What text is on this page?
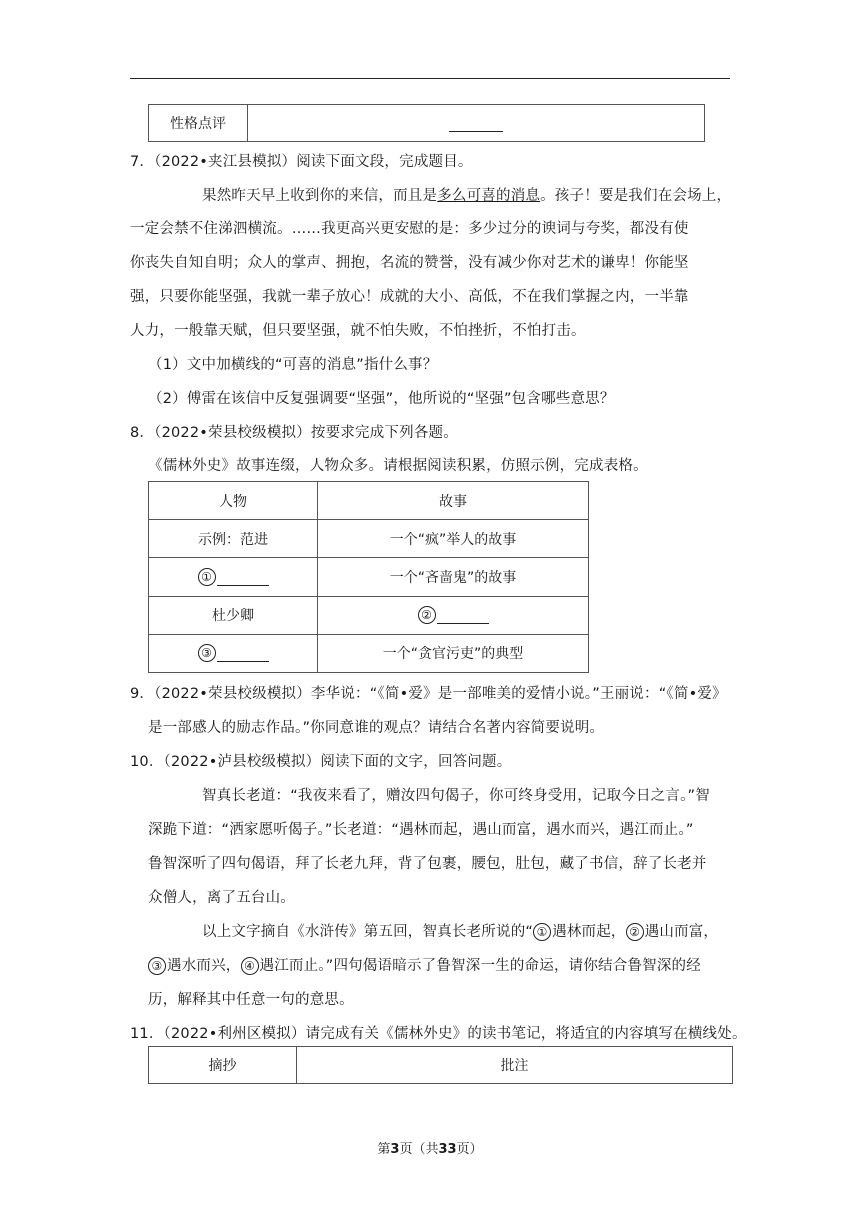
性格点评	
7．（2022•夹江县模拟）阅读下面文段，完成题目。
果然昨天早上收到你的来信，而且是多么可喜的消息。孩子！要是我们在会场上，
一定会禁不住涕泗横流。……我更高兴更安慰的是：多少过分的谀词与夸奖，都没有使
你丧失自知自明；众人的掌声、拥抱，名流的赞誉，没有减少你对艺术的谦卑！你能坚
强，只要你能坚强，我就一辈子放心！成就的大小、高低，不在我们掌握之内，一半靠
人力，一般靠天赋，但只要坚强，就不怕失败，不怕挫折，不怕打击。
（1）文中加横线的“可喜的消息”指什么事？
（2）傅雷在该信中反复强调要“坚强”，他所说的“坚强”包含哪些意思？
8．（2022•荣县校级模拟）按要求完成下列各题。
《儒林外史》故事连缀，人物众多。请根据阅读积累，仿照示例，完成表格。
人物	故事
示例：范进	一个“疯”举人的故事
①	一个“吝啬鬼”的故事
杜少卿	②
③	一个“贪官污吏”的典型
9．（2022•荣县校级模拟）李华说：“《简•爱》是一部唯美的爱情小说。”王丽说：“《简•爱》
是一部感人的励志作品。”你同意谁的观点？请结合名著内容简要说明。
10．（2022•泸县校级模拟）阅读下面的文字，回答问题。
智真长老道：“我夜来看了，赠汝四句偈子，你可终身受用，记取今日之言。”智
深跪下道：“洒家愿听偈子。”长老道：“遇林而起，遇山而富，遇水而兴，遇江而止。”
鲁智深听了四句偈语，拜了长老九拜，背了包裹，腰包，肚包，藏了书信，辞了长老并
众僧人，离了五台山。
以上文字摘自《水浒传》第五回，智真长老所说的“ ① 遇林而起， ② 遇山而富，
③ 遇水而兴， ④ 遇江而止。”四句偈语暗示了鲁智深一生的命运，请你结合鲁智深的经
历，解释其中任意一句的意思。
11．（2022•利州区模拟）请完成有关《儒林外史》的读书笔记，将适宜的内容填写在横线处。
摘抄	批注
第3页（共33页）
